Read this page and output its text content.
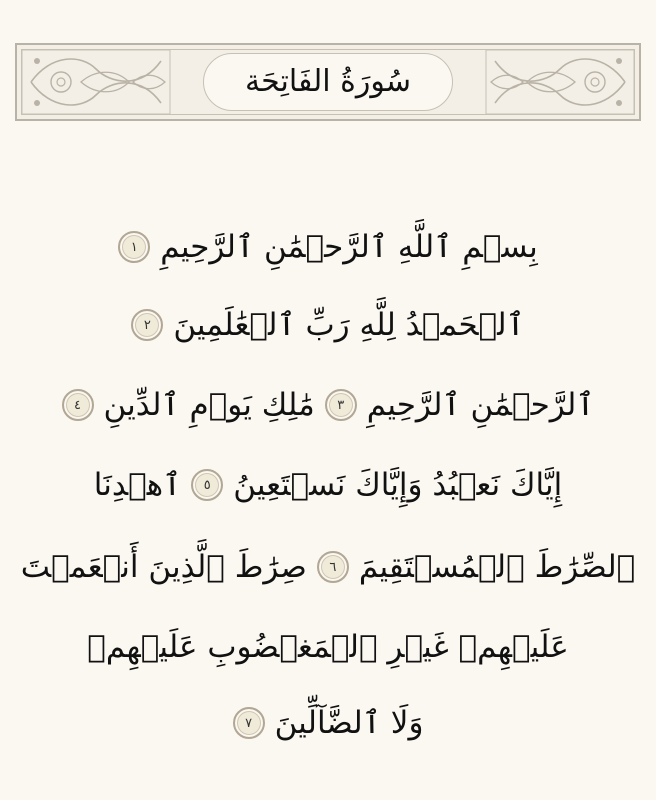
سُورَةُ الفَاتِحَة
بِسۡمِ ٱللَّهِ ٱلرَّحۡمَٰنِ ٱلرَّحِيمِ
١
ٱلۡحَمۡدُ لِلَّهِ رَبِّ ٱلۡعَٰلَمِينَ
٢
ٱلرَّحۡمَٰنِ ٱلرَّحِيمِ
٣
مَٰلِكِ يَوۡمِ ٱلدِّينِ
٤
إِيَّاكَ نَعۡبُدُ وَإِيَّاكَ نَسۡتَعِينُ
٥
ٱهۡدِنَا
ٱلصِّرَٰطَ ٱلۡمُسۡتَقِيمَ
٦
صِرَٰطَ ٱلَّذِينَ أَنۡعَمۡتَ
عَلَيۡهِمۡ غَيۡرِ ٱلۡمَغۡضُوبِ عَلَيۡهِمۡ
وَلَا ٱلضَّآلِّينَ
٧
